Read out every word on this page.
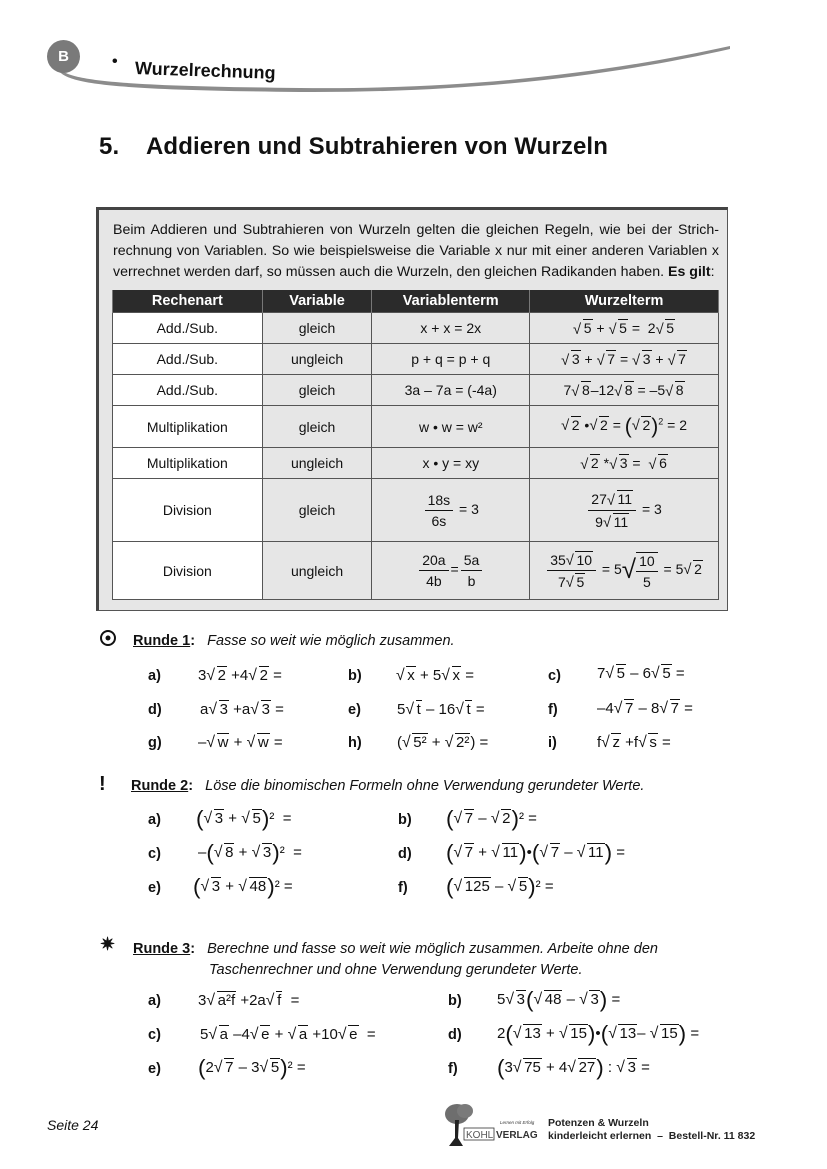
B	• Wurzelrechnung
5. Addieren und Subtrahieren von Wurzeln
Beim Addieren und Subtrahieren von Wurzeln gelten die gleichen Regeln, wie bei der Strichrechnung von Variablen. So wie beispielsweise die Variable x nur mit einer anderen Variablen x verrechnet werden darf, so müssen auch die Wurzeln, den gleichen Radikanden haben. Es gilt:
Rechenart	Variable	Variablenterm	Wurzelterm
Add./Sub.	gleich	x + x = 2x	√ 5 + √ 5 =  2 √ 5
Add./Sub.	ungleich	p + q = p + q	√ 3 + √ 7 = √ 3 + √ 7
Add./Sub.	gleich	3a – 7a = (-4a)	7 √ 8–12 √ 8 = –5 √ 8
Multiplikation	gleich	w • w = w²	√ 2 • √ 2 = ( √ 2)$^2$ = 2
Multiplikation	ungleich	x • y = xy	√ 2 * √ 3 =  √ 6
Division	gleich	$\frac{18s}{6s} = 3$	$\frac{27 √ 11}{9 √ 11} = 3$
Division	ungleich	$\frac{20a}{4b} = \frac{5a}{b}$	$\frac{35 √ 10}{7 √ 5} = 5√ \frac{10}{5} = 5$ √ 2
Runde 1: Fasse so weit wie möglich zusammen.
a) 3 √ 2 +4 √ 2 =	b)	√ x + 5 √ x =	c) 7 √ 5 – 6 √ 5 =
d)	a √ 3 +a √ 3 =	e) 5 √ t – 16 √ t =	f)	–4 √ 7 – 8 √ 7 =
g) – √ w + √ w =	h) ( √ 5² + √ 2²) =	i)	f √ z +f √ s =
! Runde 2: Löse die binomischen Formeln ohne Verwendung gerundeter Werte.
a) ( √ 3 + √ 5)²  =	b) ( √ 7 – √ 2)² =
c) –( √ 8 + √ 3)²  =	d) ( √ 7 + √ 11)•( √ 7 – √ 11) =
e) ( √ 3 + √ 48)² =	f) ( √ 125 – √ 5)² =
✷ Runde 3: Berechne und fasse so weit wie möglich zusammen. Arbeite ohne den
Taschenrechner und ohne Verwendung gerundeter Werte.
a) 3 √ a²f +2a √ f  =	b) 5 √ 3( √ 48 – √ 3) =
c)	5 √ a –4 √ e + √ a +10 √ e  =	d) 2( √ 13 + √ 15)•( √ 13– √ 15) =
e) (2 √ 7 – 3 √ 5)² =	f) (3 √ 75 + 4 √ 27) : √ 3 =
Seite 24	Lernen mit Erfolg
KOHL VERLAG
Potenzen & Wurzeln
kinderleicht erlernen  –  Bestell-Nr. 11 832
